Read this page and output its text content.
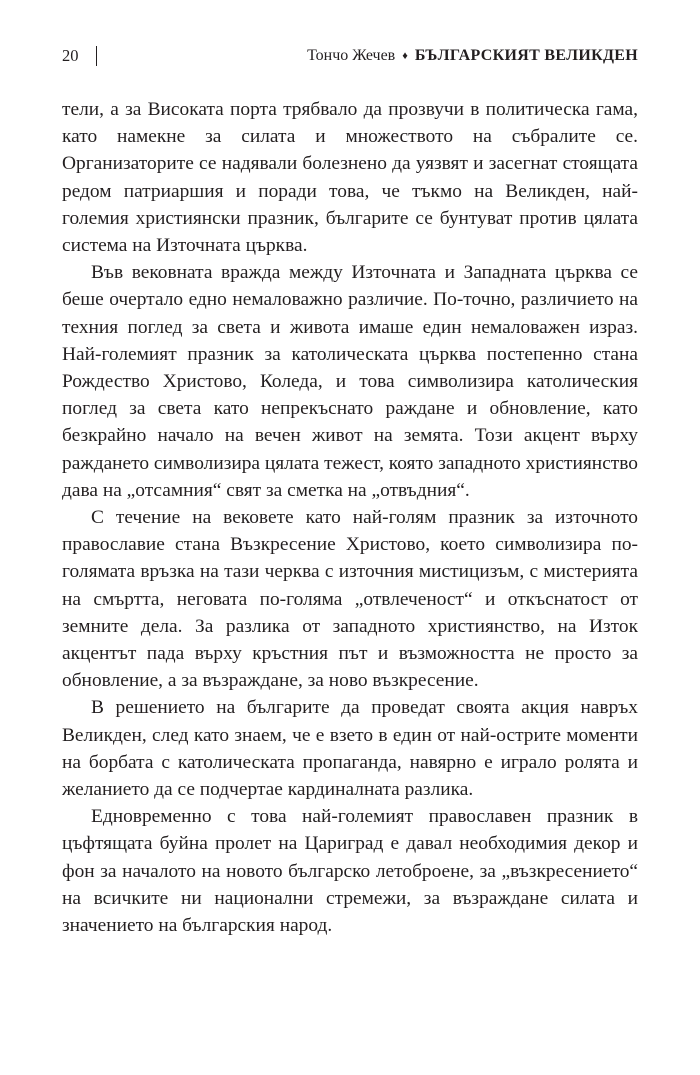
20	Тончо Жечев ♦ БЪЛГАРСКИЯТ ВЕЛИКДЕН

тели, а за Високата порта трябвало да прозвучи в политическа гама, като намекне за силата и множеството на събралите се. Организаторите се надявали болезнено да уязвят и засегнат стоящата редом патриаршия и поради това, че тъкмо на Великден, най-големия християнски празник, българите се бунтуват против цялата система на Източната църква.

Във вековната вражда между Източната и Западната църква се беше очертало едно немаловажно различие. По-точно, различието на техния поглед за света и живота имаше един немаловажен израз. Най-големият празник за католическата църква постепенно стана Рождество Христово, Коледа, и това символизира католическия поглед за света като непрекъснато раждане и обновление, като безкрайно начало на вечен живот на земята. Този акцент върху раждането символизира цялата тежест, която западното християнство дава на „отсамния“ свят за сметка на „отвъдния“.

С течение на вековете като най-голям празник за източното православие стана Възкресение Христово, което символизира по-голямата връзка на тази черква с източния мистицизъм, с мистерията на смъртта, неговата по-голяма „отвлеченост“ и откъснатост от земните дела. За разлика от западното християнство, на Изток акцентът пада върху кръстния път и възможността не просто за обновление, а за възраждане, за ново възкресение.

В решението на българите да проведат своята акция навръх Великден, след като знаем, че е взето в един от най-острите моменти на борбата с католическата пропаганда, навярно е играло ролята и желанието да се подчертае кардиналната разлика.

Едновременно с това най-големият православен празник в цъфтящата буйна пролет на Цариград е давал необходимия декор и фон за началото на новото българско летоброене, за „възкресението“ на всичките ни национални стремежи, за възраждане силата и значението на българския народ.
